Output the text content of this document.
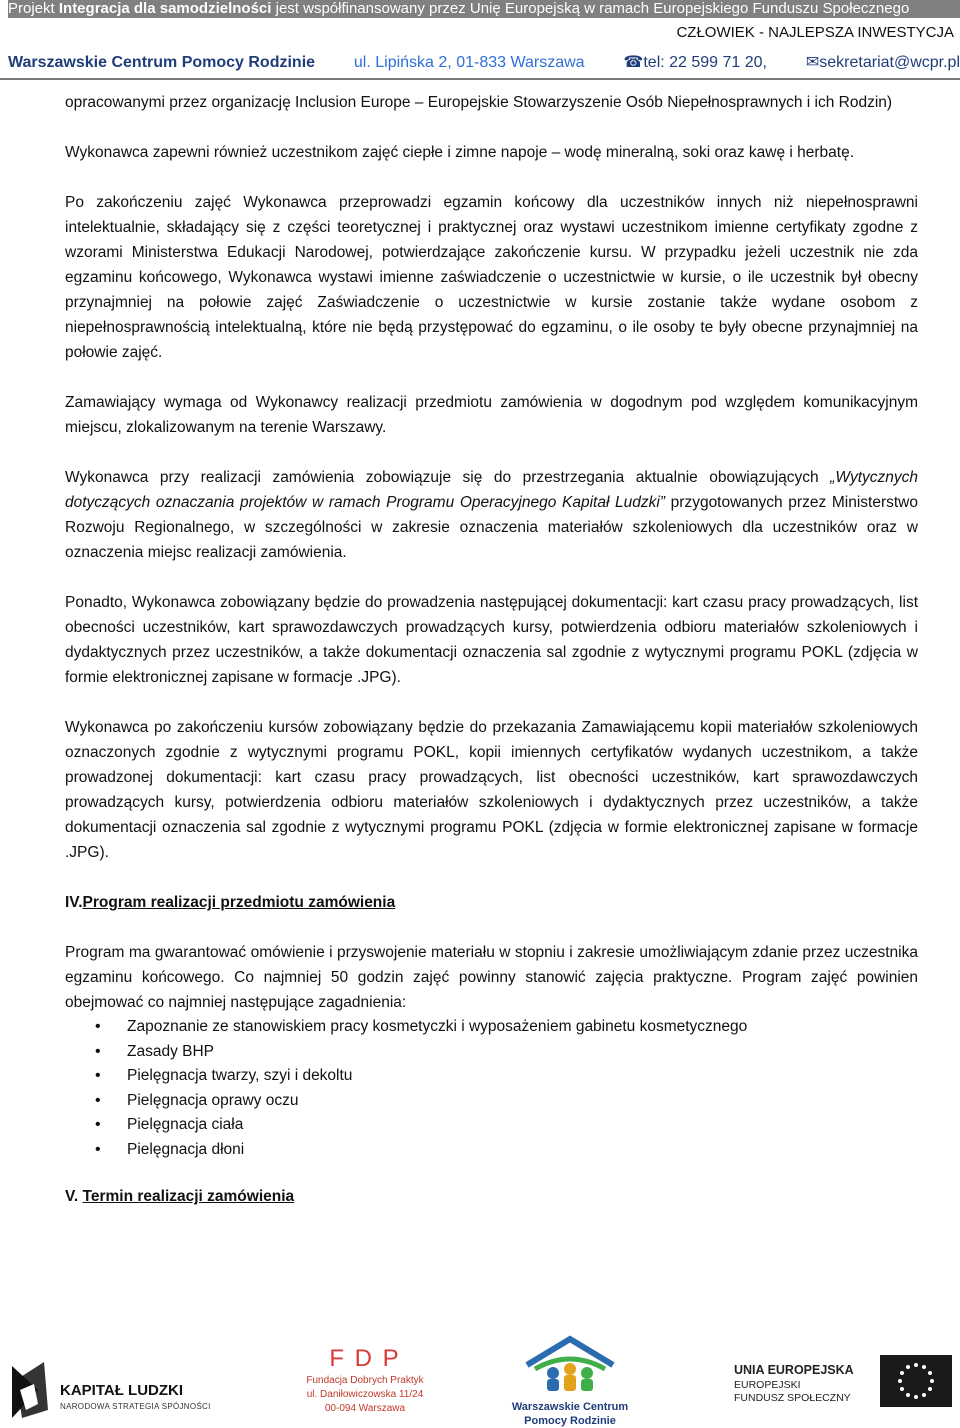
Projekt Integracja dla samodzielności jest współfinansowany przez Unię Europejską w ramach Europejskiego Funduszu Społecznego
CZŁOWIEK - NAJLEPSZA INWESTYCJA
Warszawskie Centrum Pomocy Rodzinie ul. Lipińska 2, 01-833 Warszawa ☎tel: 22 599 71 20, ✉sekretariat@wcpr.pl

opracowanymi przez organizację Inclusion Europe – Europejskie Stowarzyszenie Osób Niepełnosprawnych i ich Rodzin)

Wykonawca zapewni również uczestnikom zajęć ciepłe i zimne napoje – wodę mineralną, soki oraz kawę i herbatę.

Po zakończeniu zajęć Wykonawca przeprowadzi egzamin końcowy dla uczestników innych niż niepełnosprawni intelektualnie, składający się z części teoretycznej i praktycznej oraz wystawi uczestnikom imienne certyfikaty zgodne z wzorami Ministerstwa Edukacji Narodowej, potwierdzające zakończenie kursu. W przypadku jeżeli uczestnik nie zda egzaminu końcowego, Wykonawca wystawi imienne zaświadczenie o uczestnictwie w kursie, o ile uczestnik był obecny przynajmniej na połowie zajęć Zaświadczenie o uczestnictwie w kursie zostanie także wydane osobom z niepełnosprawnością intelektualną, które nie będą przystępować do egzaminu, o ile osoby te były obecne przynajmniej na połowie zajęć.

Zamawiający wymaga od Wykonawcy realizacji przedmiotu zamówienia w dogodnym pod względem komunikacyjnym miejscu, zlokalizowanym na terenie Warszawy.

Wykonawca przy realizacji zamówienia zobowiązuje się do przestrzegania aktualnie obowiązujących „Wytycznych dotyczących oznaczania projektów w ramach Programu Operacyjnego Kapitał Ludzki” przygotowanych przez Ministerstwo Rozwoju Regionalnego, w szczególności w zakresie oznaczenia materiałów szkoleniowych dla uczestników oraz w oznaczenia miejsc realizacji zamówienia.

Ponadto, Wykonawca zobowiązany będzie do prowadzenia następującej dokumentacji: kart czasu pracy prowadzących, list obecności uczestników, kart sprawozdawczych prowadzących kursy, potwierdzenia odbioru materiałów szkoleniowych i dydaktycznych przez uczestników, a także dokumentacji oznaczenia sal zgodnie z wytycznymi programu POKL (zdjęcia w formie elektronicznej zapisane w formacje .JPG).

Wykonawca po zakończeniu kursów zobowiązany będzie do przekazania Zamawiającemu kopii materiałów szkoleniowych oznaczonych zgodnie z wytycznymi programu POKL, kopii imiennych certyfikatów wydanych uczestnikom, a także prowadzonej dokumentacji: kart czasu pracy prowadzących, list obecności uczestników, kart sprawozdawczych prowadzących kursy, potwierdzenia odbioru materiałów szkoleniowych i dydaktycznych przez uczestników, a także dokumentacji oznaczenia sal zgodnie z wytycznymi programu POKL (zdjęcia w formie elektronicznej zapisane w formacje .JPG).

IV.Program realizacji przedmiotu zamówienia

Program ma gwarantować omówienie i przyswojenie materiału w stopniu i zakresie umożliwiającym zdanie przez uczestnika egzaminu końcowego. Co najmniej 50 godzin zajęć powinny stanowić zajęcia praktyczne. Program zajęć powinien obejmować co najmniej następujące zagadnienia:

• Zapoznanie ze stanowiskiem pracy kosmetyczki i wyposażeniem gabinetu kosmetycznego
• Zasady BHP
• Pielęgnacja twarzy, szyi i dekoltu
• Pielęgnacja oprawy oczu
• Pielęgnacja ciała
• Pielęgnacja dłoni

V. Termin realizacji zamówienia

KAPITAŁ LUDZKI
NARODOWA STRATEGIA SPÓJNOŚCI
F D P
Fundacja Dobrych Praktyk
ul. Daniłowiczowska 11/24
00-094 Warszawa	Warszawskie Centrum
Pomocy Rodzinie
UNIA EUROPEJSKA
EUROPEJSKI
FUNDUSZ SPOŁECZNY
